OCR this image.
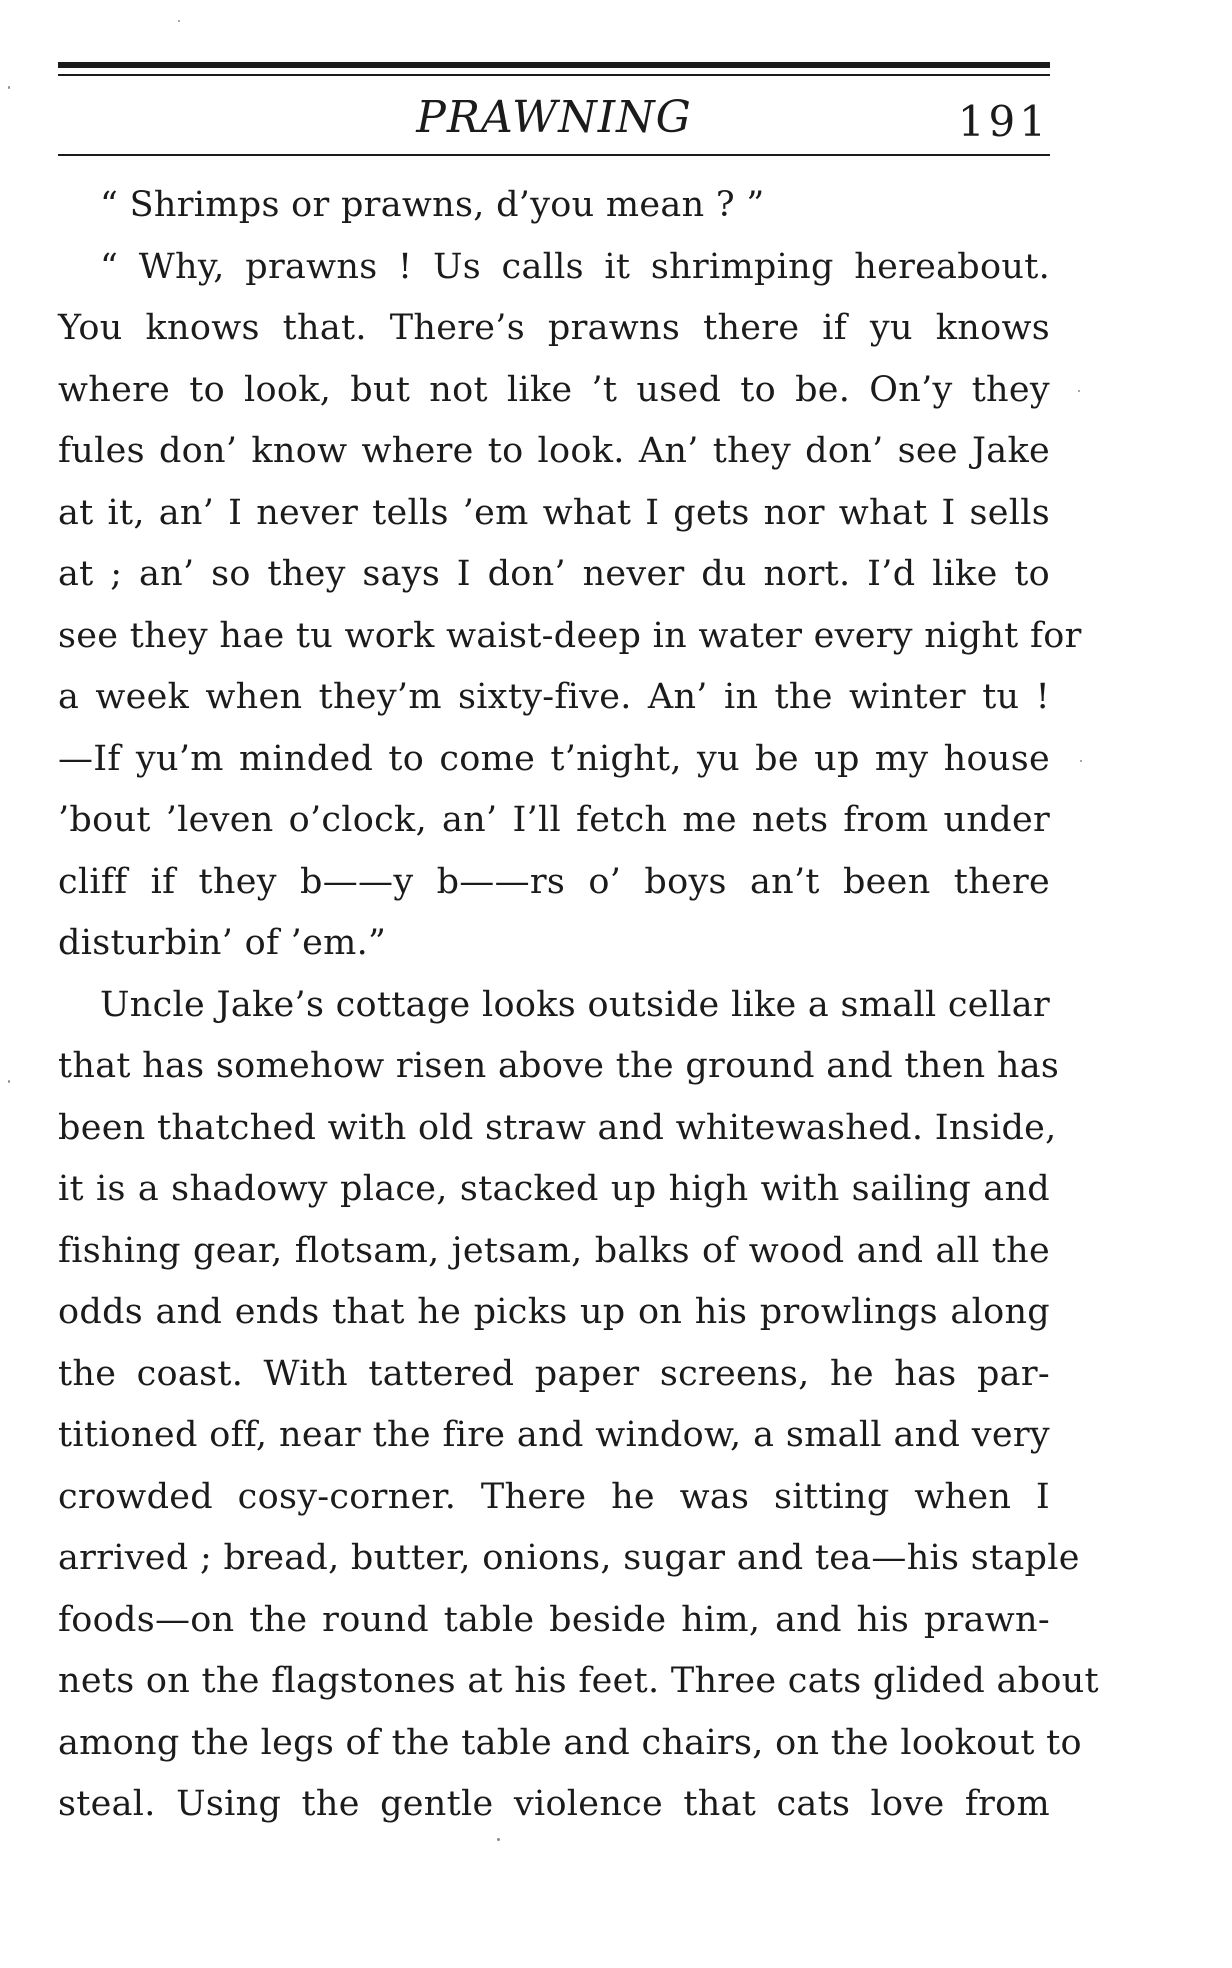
PRAWNING	191
“ Shrimps or prawns, d’you mean ? ”
“ Why, prawns ! Us calls it shrimping hereabout.
You knows that. There’s prawns there if yu knows
where to look, but not like ’t used to be. On’y they
fules don’ know where to look. An’ they don’ see Jake
at it, an’ I never tells ’em what I gets nor what I sells
at ; an’ so they says I don’ never du nort. I’d like to
see they hae tu work waist-deep in water every night for
a week when they’m sixty-five. An’ in the winter tu !
—If yu’m minded to come t’night, yu be up my house
’bout ’leven o’clock, an’ I’ll fetch me nets from under
cliff if they b——y b——rs o’ boys an’t been there
disturbin’ of ’em.”
Uncle Jake’s cottage looks outside like a small cellar
that has somehow risen above the ground and then has
been thatched with old straw and whitewashed. Inside,
it is a shadowy place, stacked up high with sailing and
fishing gear, flotsam, jetsam, balks of wood and all the
odds and ends that he picks up on his prowlings along
the coast. With tattered paper screens, he has par-
titioned off, near the fire and window, a small and very
crowded cosy-corner. There he was sitting when I
arrived ; bread, butter, onions, sugar and tea—his staple
foods—on the round table beside him, and his prawn-
nets on the flagstones at his feet. Three cats glided about
among the legs of the table and chairs, on the lookout to
steal. Using the gentle violence that cats love from
